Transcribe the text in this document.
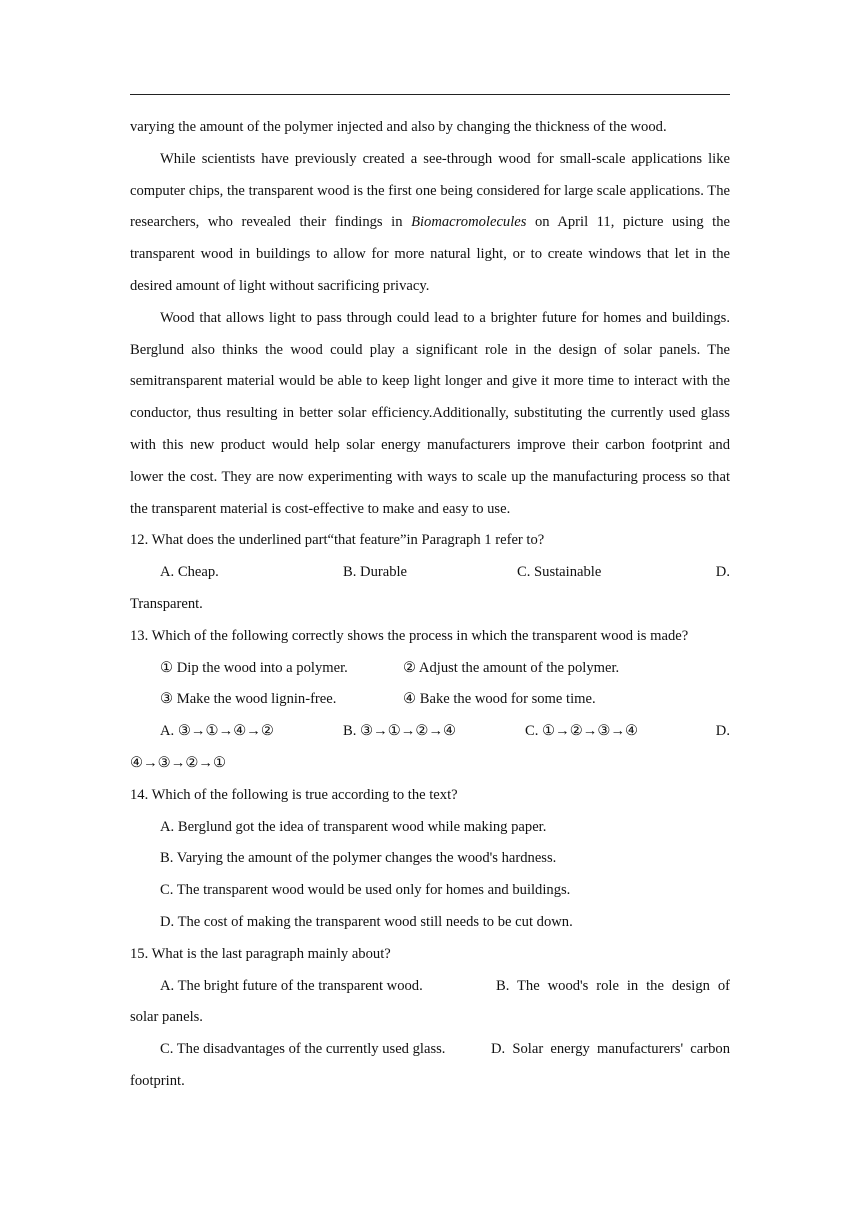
varying the amount of the polymer injected and also by changing the thickness of the wood.

While scientists have previously created a see-through wood for small-scale applications like computer chips, the transparent wood is the first one being considered for large scale applications. The researchers, who revealed their findings in Biomacromolecules on April 11, picture using the transparent wood in buildings to allow for more natural light, or to create windows that let in the desired amount of light without sacrificing privacy.

Wood that allows light to pass through could lead to a brighter future for homes and buildings. Berglund also thinks the wood could play a significant role in the design of solar panels. The semitransparent material would be able to keep light longer and give it more time to interact with the conductor, thus resulting in better solar efficiency.Additionally, substituting the currently used glass with this new product would help solar energy manufacturers improve their carbon footprint and lower the cost. They are now experimenting with ways to scale up the manufacturing process so that the transparent material is cost-effective to make and easy to use.

12. What does the underlined part“that feature”in Paragraph 1 refer to?

A. Cheap.	B. Durable	C. Sustainable	D.

Transparent.

13. Which of the following correctly shows the process in which the transparent wood is made?

① Dip the wood into a polymer.	② Adjust the amount of the polymer.
③ Make the wood lignin-free.	④ Bake the wood for some time.
A. ③→①→④→②	B. ③→①→②→④	C. ①→②→③→④	D.

④→③→②→①

14. Which of the following is true according to the text?

A. Berglund got the idea of transparent wood while making paper.

B. Varying the amount of the polymer changes the wood's hardness.

C. The transparent wood would be used only for homes and buildings.

D. The cost of making the transparent wood still needs to be cut down.

15. What is the last paragraph mainly about?

A. The bright future of the transparent wood.	B. The wood's role in the design of

solar panels.

C. The disadvantages of the currently used glass.	D. Solar energy manufacturers' carbon

footprint.
